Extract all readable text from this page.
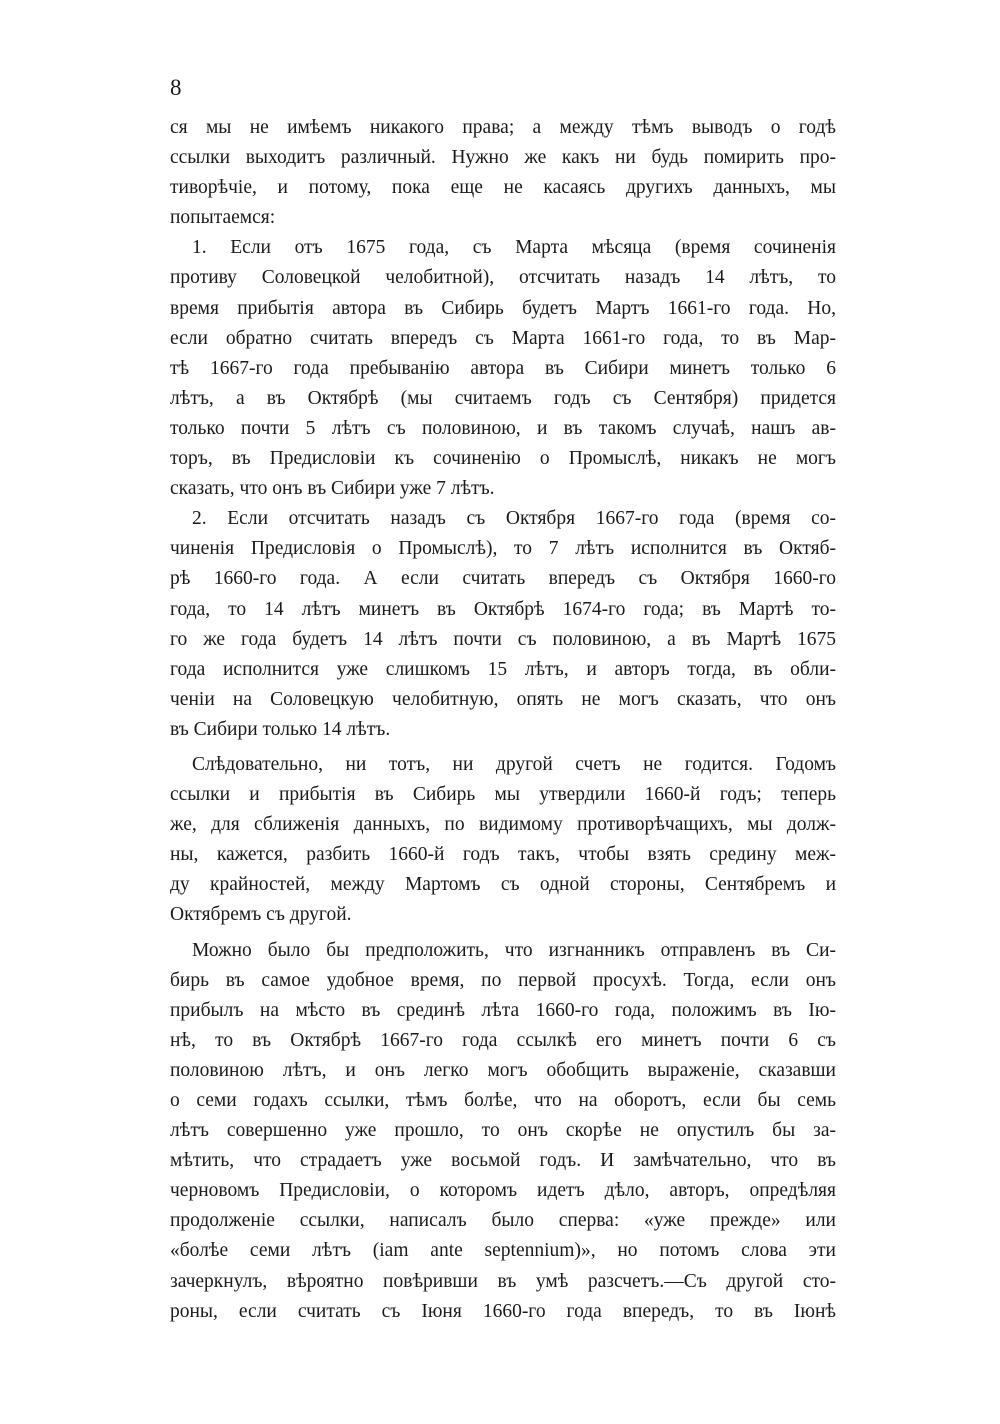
8
ся мы не имѣемъ никакого права; а между тѣмъ выводъ о годѣ
ссылки выходитъ различный. Нужно же какъ ни будь помирить про-
тиворѣчіе, и потому, пока еще не касаясь другихъ данныхъ, мы
попытаемся:
1. Если отъ 1675 года, съ Марта мѣсяца (время сочиненія
противу Соловецкой челобитной), отсчитать назадъ 14 лѣтъ, то
время прибытія автора въ Сибирь будетъ Мартъ 1661-го года. Но,
если обратно считать впередъ съ Марта 1661-го года, то въ Мар-
тѣ 1667-го года пребыванію автора въ Сибири минетъ только 6
лѣтъ, а въ Октябрѣ (мы считаемъ годъ съ Сентября) придется
только почти 5 лѣтъ съ половиною, и въ такомъ случаѣ, нашъ ав-
торъ, въ Предисловіи къ сочиненію о Промыслѣ, никакъ не могъ
сказать, что онъ въ Сибири уже 7 лѣтъ.
2. Если отсчитать назадъ съ Октября 1667-го года (время со-
чиненія Предисловія о Промыслѣ), то 7 лѣтъ исполнится въ Октяб-
рѣ 1660-го года. А если считать впередъ съ Октября 1660-го
года, то 14 лѣтъ минетъ въ Октябрѣ 1674-го года; въ Мартѣ то-
го же года будетъ 14 лѣтъ почти съ половиною, а въ Мартѣ 1675
года исполнится уже слишкомъ 15 лѣтъ, и авторъ тогда, въ обли-
ченіи на Соловецкую челобитную, опять не могъ сказать, что онъ
въ Сибири только 14 лѣтъ.
Слѣдовательно, ни тотъ, ни другой счетъ не годится. Годомъ
ссылки и прибытія въ Сибирь мы утвердили 1660-й годъ; теперь
же, для сближенія данныхъ, по видимому противорѣчащихъ, мы долж-
ны, кажется, разбить 1660-й годъ такъ, чтобы взять средину меж-
ду крайностей, между Мартомъ съ одной стороны, Сентябремъ и
Октябремъ съ другой.
Можно было бы предположить, что изгнанникъ отправленъ въ Си-
бирь въ самое удобное время, по первой просухѣ. Тогда, если онъ
прибылъ на мѣсто въ срединѣ лѣта 1660-го года, положимъ въ Ію-
нѣ, то въ Октябрѣ 1667-го года ссылкѣ его минетъ почти 6 съ
половиною лѣтъ, и онъ легко могъ обобщить выраженіе, сказавши
о семи годахъ ссылки, тѣмъ болѣе, что на оборотъ, если бы семь
лѣтъ совершенно уже прошло, то онъ скорѣе не опустилъ бы за-
мѣтить, что страдаетъ уже восьмой годъ. И замѣчательно, что въ
черновомъ Предисловіи, о которомъ идетъ дѣло, авторъ, опредѣляя
продолженіе ссылки, написалъ было сперва: «уже прежде» или
«болѣе семи лѣтъ (iam ante septennium)», но потомъ слова эти
зачеркнулъ, вѣроятно повѣривши въ умѣ разсчетъ.—Съ другой сто-
роны, если считать съ Іюня 1660-го года впередъ, то въ Іюнѣ
